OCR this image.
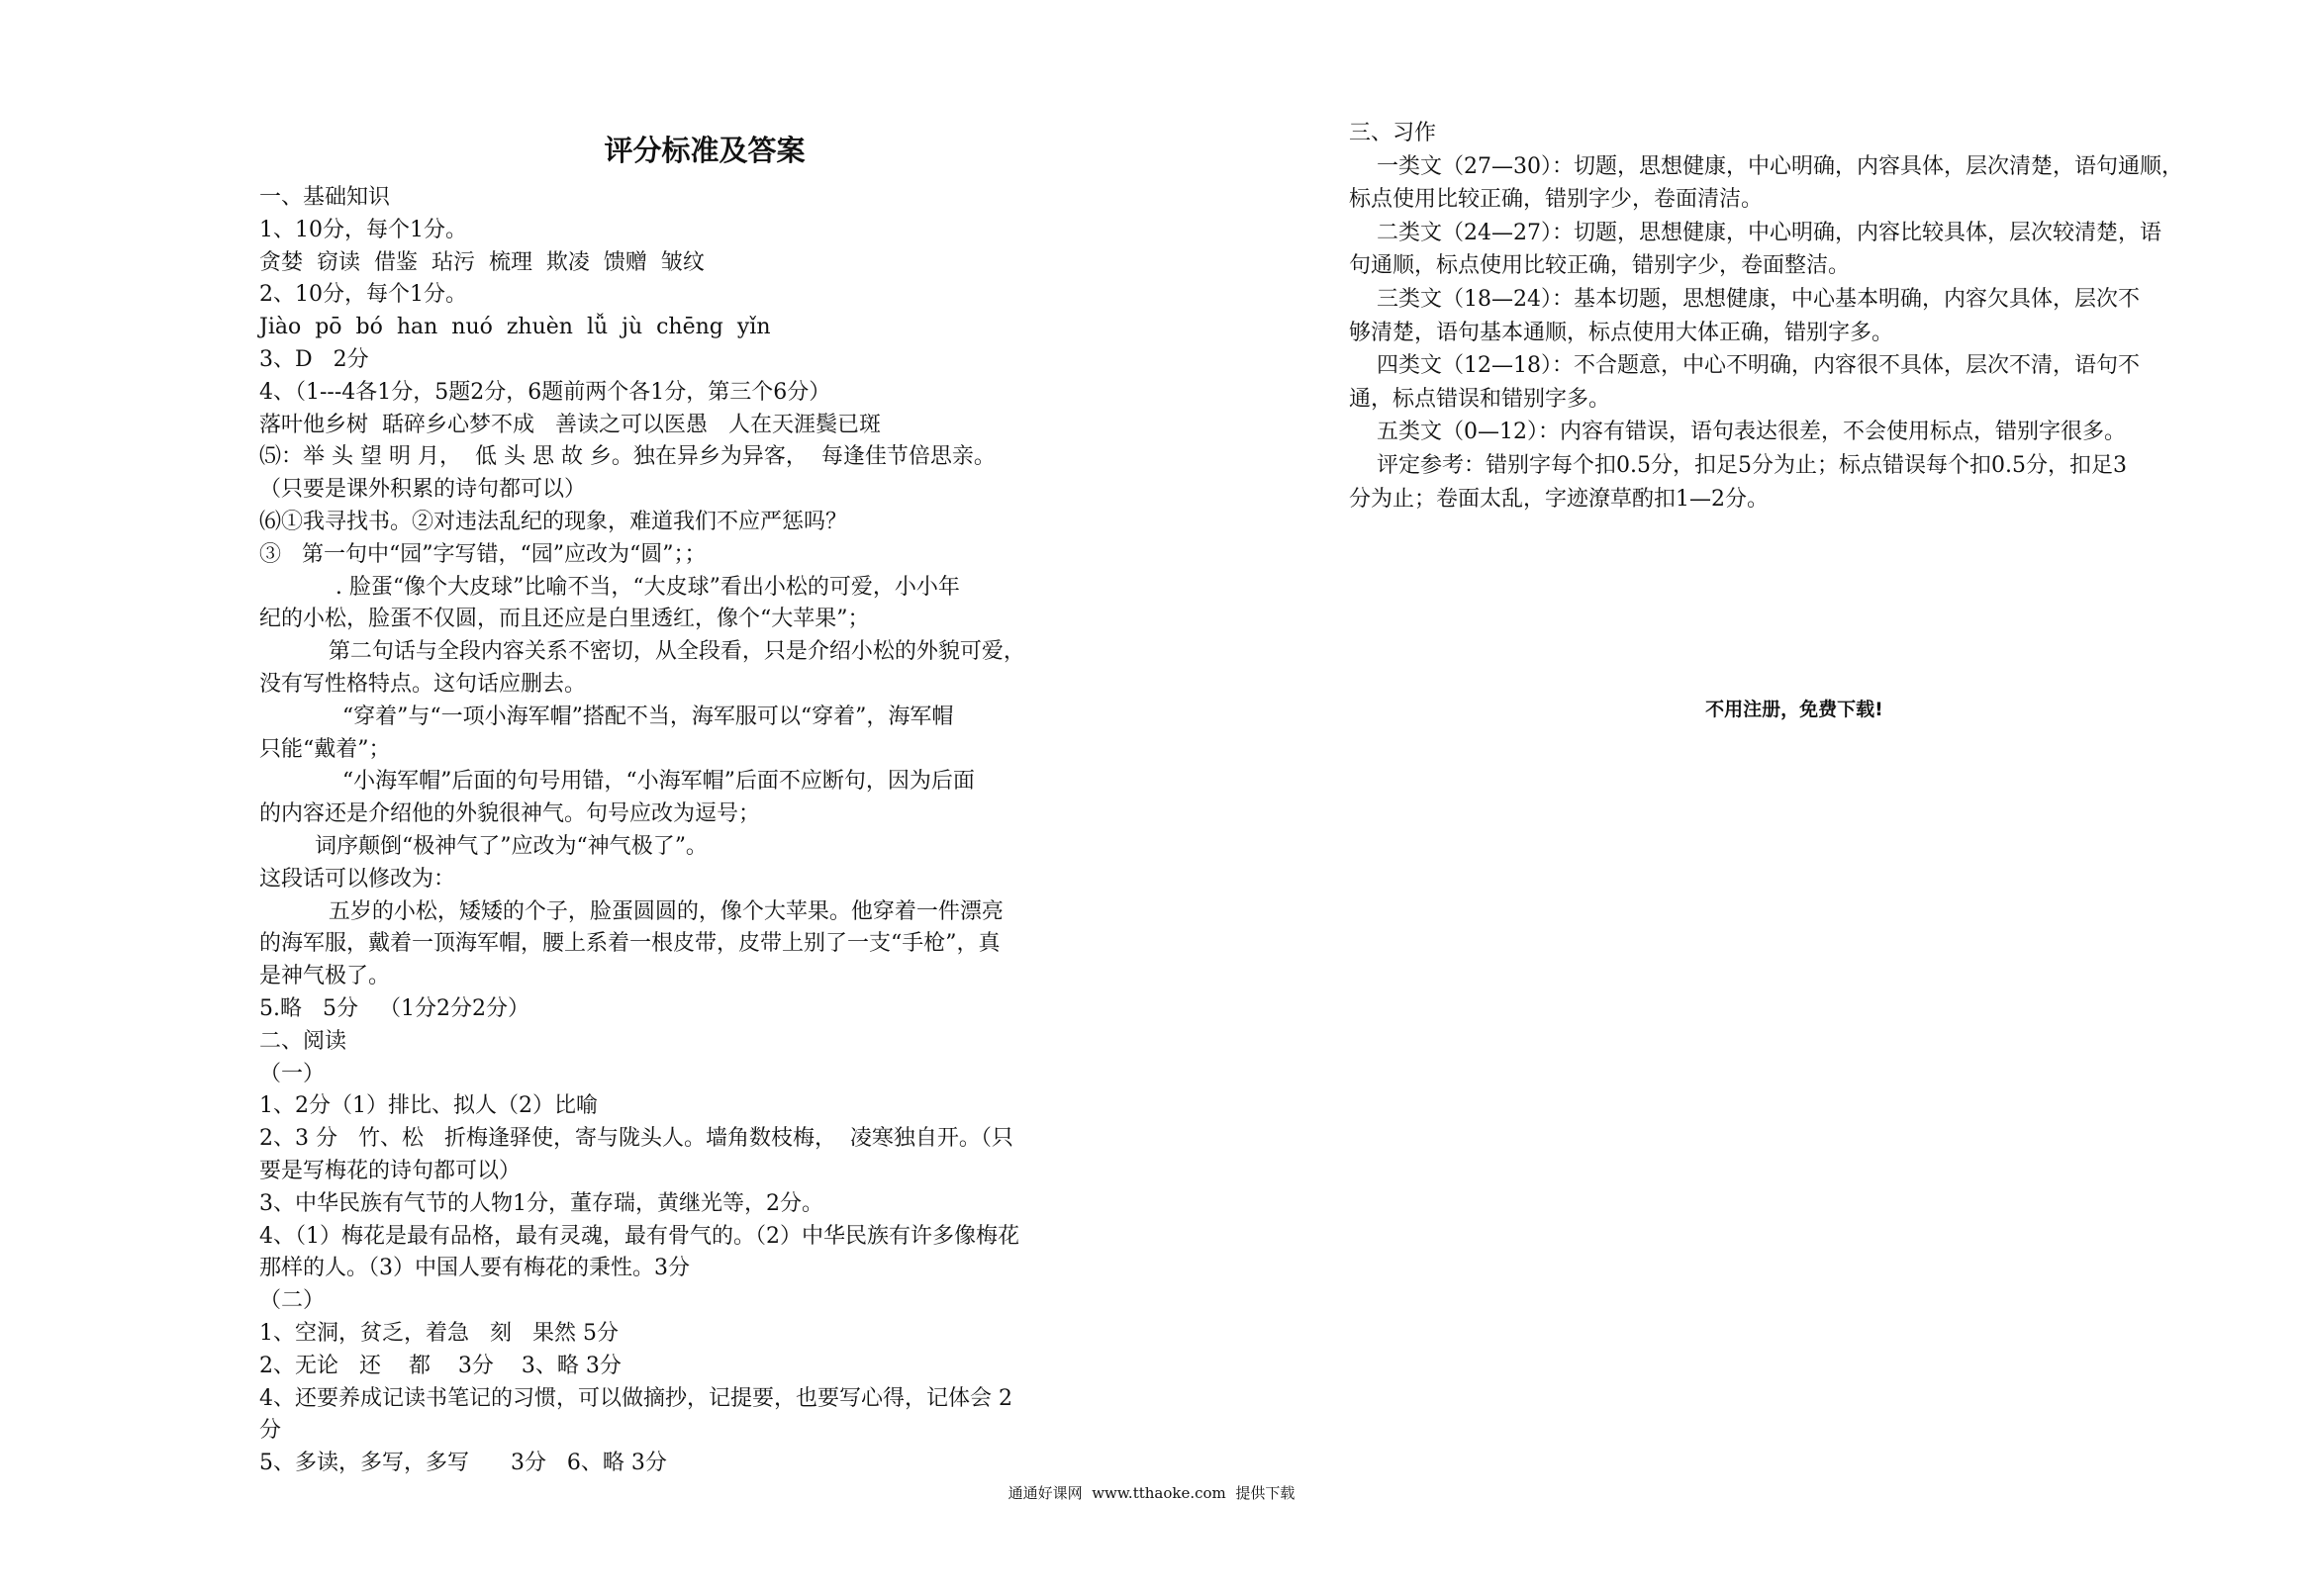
评分标准及答案
一、基础知识
1、10分，每个1分。
贪婪  窃读  借鉴  玷污  梳理  欺凌  馈赠  皱纹
2、10分，每个1分。
Jiào  pō  bó  han  nuó  zhuèn  lǚ  jù  chēng  yǐn
3、D   2分
4、（1---4各1分，5题2分，6题前两个各1分，第三个6分）
落叶他乡树  聒碎乡心梦不成   善读之可以医愚   人在天涯鬓已斑
⑸：举 头 望 明 月，  低 头 思 故 乡。独在异乡为异客，  每逢佳节倍思亲。
（只要是课外积累的诗句都可以）
⑹①我寻找书。②对违法乱纪的现象，难道我们不应严惩吗？
③   第一句中“园”字写错，“园”应改为“圆”；；
. 脸蛋“像个大皮球”比喻不当，“大皮球”看出小松的可爱，小小年
纪的小松，脸蛋不仅圆，而且还应是白里透红，像个“大苹果”；
第二句话与全段内容关系不密切，从全段看，只是介绍小松的外貌可爱，
没有写性格特点。这句话应删去。
“穿着”与“一项小海军帽”搭配不当，海军服可以“穿着”，海军帽
只能“戴着”；
“小海军帽”后面的句号用错，“小海军帽”后面不应断句，因为后面
的内容还是介绍他的外貌很神气。句号应改为逗号；
词序颠倒“极神气了”应改为“神气极了”。
这段话可以修改为：
五岁的小松，矮矮的个子，脸蛋圆圆的，像个大苹果。他穿着一件漂亮
的海军服，戴着一顶海军帽，腰上系着一根皮带，皮带上别了一支“手枪”，真
是神气极了。
5.略   5分   （1分2分2分）
二、阅读
（一）
1、2分（1）排比、拟人（2）比喻
2、3 分   竹、松   折梅逢驿使，寄与陇头人。墙角数枝梅，  凌寒独自开。（只
要是写梅花的诗句都可以）
3、中华民族有气节的人物1分，董存瑞，黄继光等，2分。
4、（1）梅花是最有品格，最有灵魂，最有骨气的。（2）中华民族有许多像梅花
那样的人。（3）中国人要有梅花的秉性。3分
（二）
1、空洞，贫乏，着急   刻   果然 5分
2、无论   还    都    3分    3、略 3分
4、还要养成记读书笔记的习惯，可以做摘抄，记提要，也要写心得，记体会 2
分
5、多读，多写，多写      3分   6、略 3分
三、习作
一类文（27—30）：切题，思想健康，中心明确，内容具体，层次清楚，语句通顺，
标点使用比较正确，错别字少，卷面清洁。
二类文（24—27）：切题，思想健康，中心明确，内容比较具体，层次较清楚，语
句通顺，标点使用比较正确，错别字少，卷面整洁。
三类文（18—24）：基本切题，思想健康，中心基本明确，内容欠具体，层次不
够清楚，语句基本通顺，标点使用大体正确，错别字多。
四类文（12—18）：不合题意，中心不明确，内容很不具体，层次不清，语句不
通，标点错误和错别字多。
五类文（0—12）：内容有错误，语句表达很差，不会使用标点，错别字很多。
评定参考：错别字每个扣0.5分，扣足5分为止；标点错误每个扣0.5分，扣足3
分为止；卷面太乱，字迹潦草酌扣1—2分。
不用注册，免费下载!
通通好课网  www.tthaoke.com  提供下载
